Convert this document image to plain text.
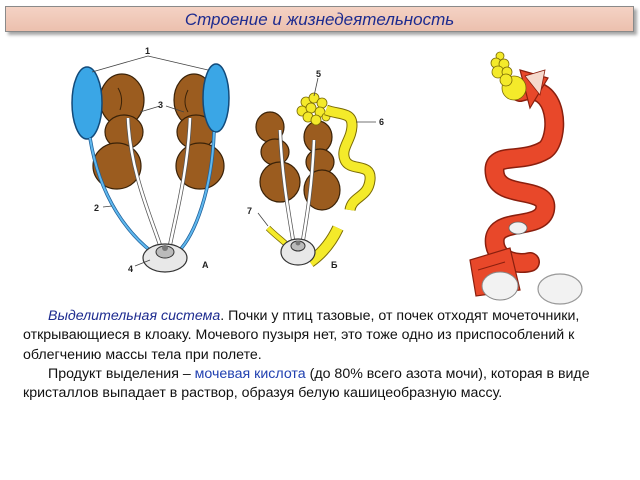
Строение и жизнедеятельность
1
2
3
4	А
5
6
7
Б

Выделительная система. Почки у птиц тазовые, от почек отходят мочеточники, открывающиеся в клоаку. Мочевого пузыря нет, это тоже одно из приспособлений к облегчению массы тела при полете.

Продукт выделения – мочевая кислота (до 80% всего азота мочи), которая в виде кристаллов выпадает в раствор, образуя белую кашицеобразную массу.
